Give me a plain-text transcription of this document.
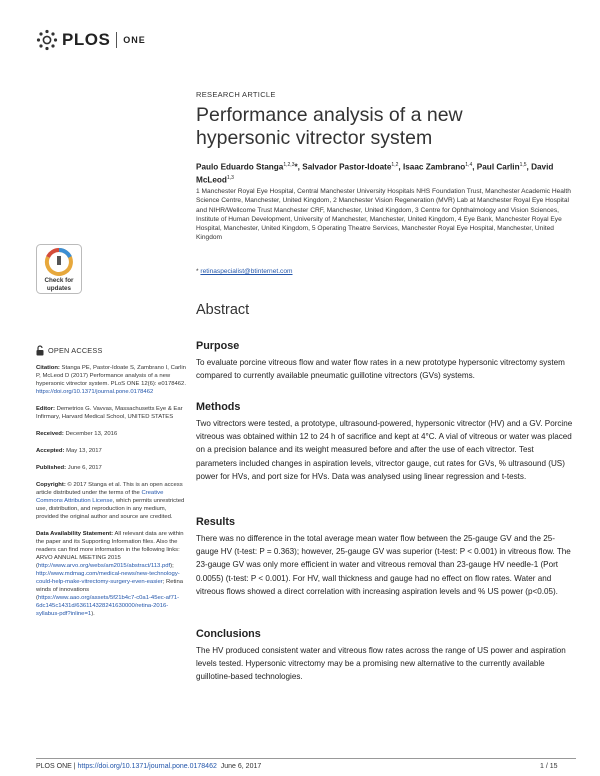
PLOS ONE
RESEARCH ARTICLE
Performance analysis of a new hypersonic vitrector system
Paulo Eduardo Stanga$^{1,2,3}$*, Salvador Pastor-Idoate$^{1,2}$, Isaac Zambrano$^{1,4}$, Paul Carlin$^{1,5}$, David McLeod$^{1,3}$
1 Manchester Royal Eye Hospital, Central Manchester University Hospitals NHS Foundation Trust, Manchester Academic Health Science Centre, Manchester, United Kingdom, 2 Manchester Vision Regeneration (MVR) Lab at Manchester Royal Eye Hospital and NIHR/Wellcome Trust Manchester CRF, Manchester, United Kingdom, 3 Centre for Ophthalmology and Vision Sciences, Institute of Human Development, University of Manchester, Manchester, United Kingdom, 4 Eye Bank, Manchester Royal Eye Hospital, Manchester, United Kingdom, 5 Operating Theatre Services, Manchester Royal Eye Hospital, Manchester, United Kingdom
* retinaspecialist@btinternet.com
Check for updates
OPEN ACCESS
Citation: Stanga PE, Pastor-Idoate S, Zambrano I, Carlin P, McLeod D (2017) Performance analysis of a new hypersonic vitrector system. PLoS ONE 12(6): e0178462. https://doi.org/10.1371/journal.pone.0178462
Editor: Demetrios G. Vavvas, Massachusetts Eye & Ear Infirmary, Harvard Medical School, UNITED STATES
Received: December 13, 2016
Accepted: May 13, 2017
Published: June 6, 2017
Copyright: © 2017 Stanga et al. This is an open access article distributed under the terms of the Creative Commons Attribution License, which permits unrestricted use, distribution, and reproduction in any medium, provided the original author and source are credited.
Data Availability Statement: All relevant data are within the paper and its Supporting Information files. Also the readers can find more information in the following links: ARVO ANNUAL MEETING 2015 (http://www.arvo.org/webs/am2015/abstract/113.pdf); http://www.mdmag.com/medical-news/new-technology-could-help-make-vitrectomy-surgery-even-easier; Retina winds of innovations (https://www.aao.org/assets/5f21b4c7-c0a1-45ec-af71-6dc145c1431d/636114328241630000/retina-2016-syllabus-pdf?inline=1).
Abstract
Purpose

To evaluate porcine vitreous flow and water flow rates in a new prototype hypersonic vitrectomy system compared to currently available pneumatic guillotine vitrectors (GVs) systems.

Methods

Two vitrectors were tested, a prototype, ultrasound-powered, hypersonic vitrector (HV) and a GV. Porcine vitreous was obtained within 12 to 24 h of sacrifice and kept at 4°C. A vial of vitreous or water was placed on a precision balance and its weight measured before and after the use of each vitrector. Test parameters included changes in aspiration levels, vitrector gauge, cut rates for GVs, % ultrasound (US) power for HVs, and port size for HVs. Data was analysed using linear regression and t-tests.

Results

There was no difference in the total average mean water flow between the 25-gauge GV and the 25-gauge HV (t-test: P = 0.363); however, 25-gauge GV was superior (t-test: P < 0.001) in vitreous flow. The 23-gauge GV was only more efficient in water and vitreous removal than 23-gauge HV needle-1 (Port 0.0055) (t-test: P < 0.001). For HV, wall thickness and gauge had no effect on flow rates. Water and vitreous flows showed a direct correlation with increasing aspiration levels and % US power (p<0.05).

Conclusions

The HV produced consistent water and vitreous flow rates across the range of US power and aspiration levels tested. Hypersonic vitrectomy may be a promising new alternative to the currently available guillotine-based technologies.

PLOS ONE | https://doi.org/10.1371/journal.pone.0178462 June 6, 2017	1 / 15
